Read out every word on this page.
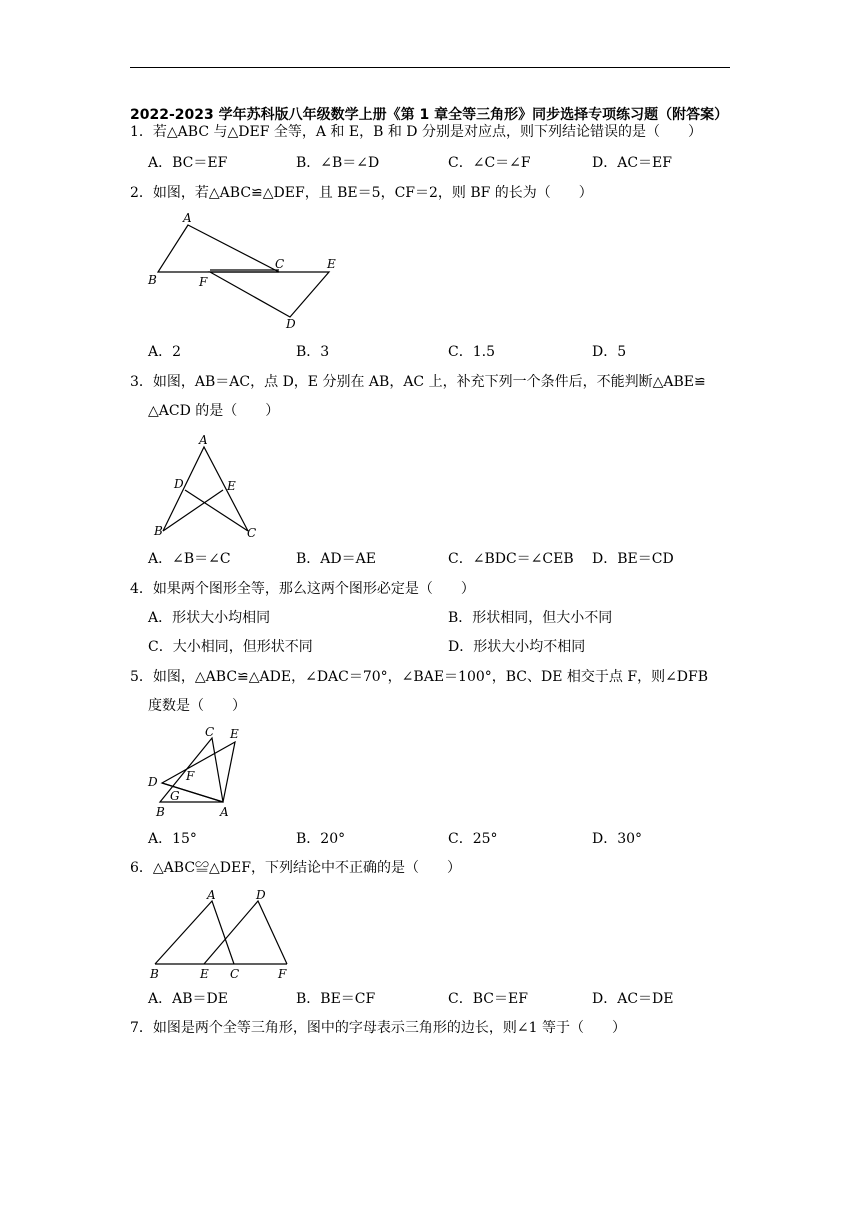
2022-2023 学年苏科版八年级数学上册《第 1 章全等三角形》同步选择专项练习题（附答案）
1．若△ABC 与△DEF 全等，A 和 E，B 和 D 分别是对应点，则下列结论错误的是（　　）
A．BC＝EF	B．∠B＝∠D	C．∠C＝∠F	D．AC＝EF
2．如图，若△ABC≌△DEF，且 BE＝5，CF＝2，则 BF 的长为（　　）
A
B
C	E
F
D
A．2	B．3	C．1.5	D．5
3．如图，AB＝AC，点 D，E 分别在 AB，AC 上，补充下列一个条件后，不能判断△ABE≌
△ACD 的是（　　）
A
D	E
B	C
A．∠B＝∠C	B．AD＝AE	C．∠BDC＝∠CEB D．BE＝CD
4．如果两个图形全等，那么这两个图形必定是（　　）
A．形状大小均相同	B．形状相同，但大小不同
C．大小相同，但形状不同	D．形状大小均不相同
5．如图，△ABC≌△ADE，∠DAC＝70°，∠BAE＝100°，BC、DE 相交于点 F，则∠DFB
度数是（　　）
C E
D F
G
B	A
A．15°	B．20°	C．25°	D．30°
6．△ABC≌△DEF，下列结论中不正确的是（　　）
A	D
B	E C	F
A．AB＝DE	B．BE＝CF	C．BC＝EF	D．AC＝DE
7．如图是两个全等三角形，图中的字母表示三角形的边长，则∠1 等于（　　）
